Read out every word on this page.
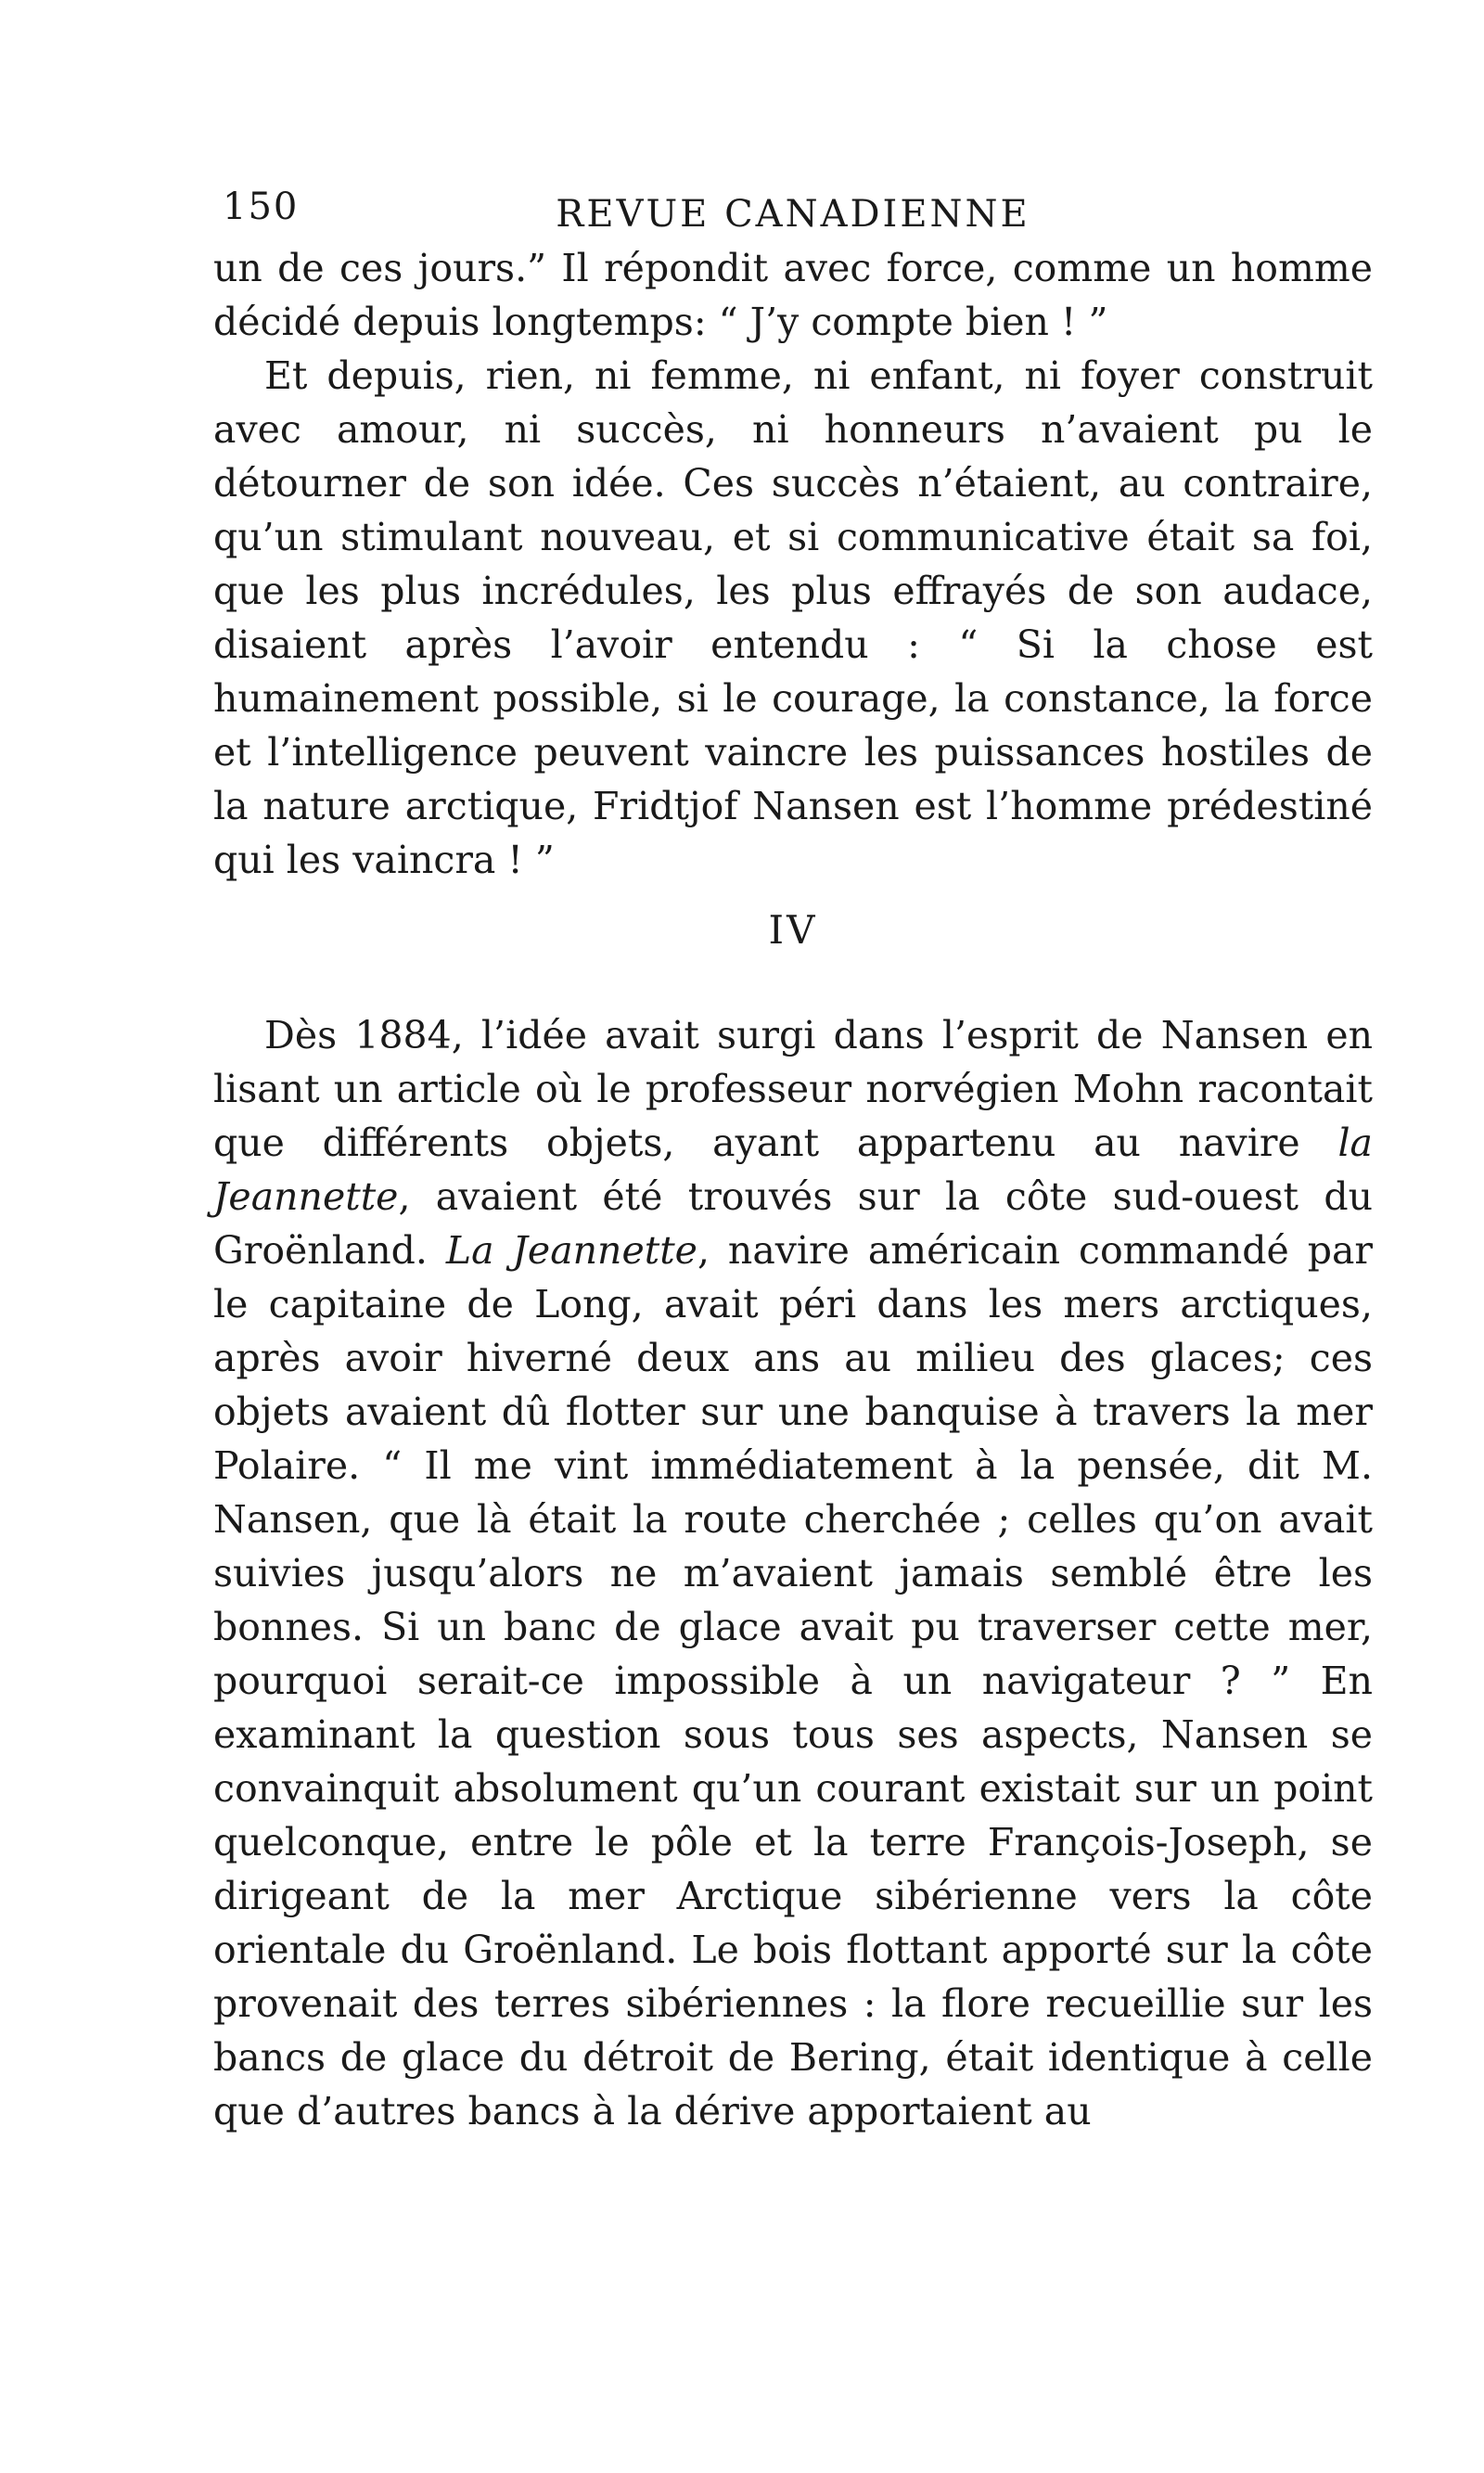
150	REVUE CANADIENNE

un de ces jours.” Il répondit avec force, comme un homme décidé depuis longtemps: “ J’y compte bien ! ”

Et depuis, rien, ni femme, ni enfant, ni foyer construit avec amour, ni succès, ni honneurs n’avaient pu le détourner de son idée. Ces succès n’étaient, au contraire, qu’un stimulant nouveau, et si communicative était sa foi, que les plus incrédules, les plus effrayés de son audace, disaient après l’avoir entendu : “ Si la chose est humainement possible, si le courage, la constance, la force et l’intelligence peuvent vaincre les puissances hostiles de la nature arctique, Fridtjof Nansen est l’homme prédestiné qui les vaincra ! ”

IV

Dès 1884, l’idée avait surgi dans l’esprit de Nansen en lisant un article où le professeur norvégien Mohn racontait que différents objets, ayant appartenu au navire la Jeannette, avaient été trouvés sur la côte sud-ouest du Groënland. La Jeannette, navire américain commandé par le capitaine de Long, avait péri dans les mers arctiques, après avoir hiverné deux ans au milieu des glaces; ces objets avaient dû flotter sur une banquise à travers la mer Polaire. “ Il me vint immédiatement à la pensée, dit M. Nansen, que là était la route cherchée ; celles qu’on avait suivies jusqu’alors ne m’avaient jamais semblé être les bonnes. Si un banc de glace avait pu traverser cette mer, pourquoi serait-ce impossible à un navigateur ? ” En examinant la question sous tous ses aspects, Nansen se convainquit absolument qu’un courant existait sur un point quelconque, entre le pôle et la terre François-Joseph, se dirigeant de la mer Arctique sibérienne vers la côte orientale du Groënland. Le bois flottant apporté sur la côte provenait des terres sibériennes : la flore recueillie sur les bancs de glace du détroit de Bering, était identique à celle que d’autres bancs à la dérive apportaient au
